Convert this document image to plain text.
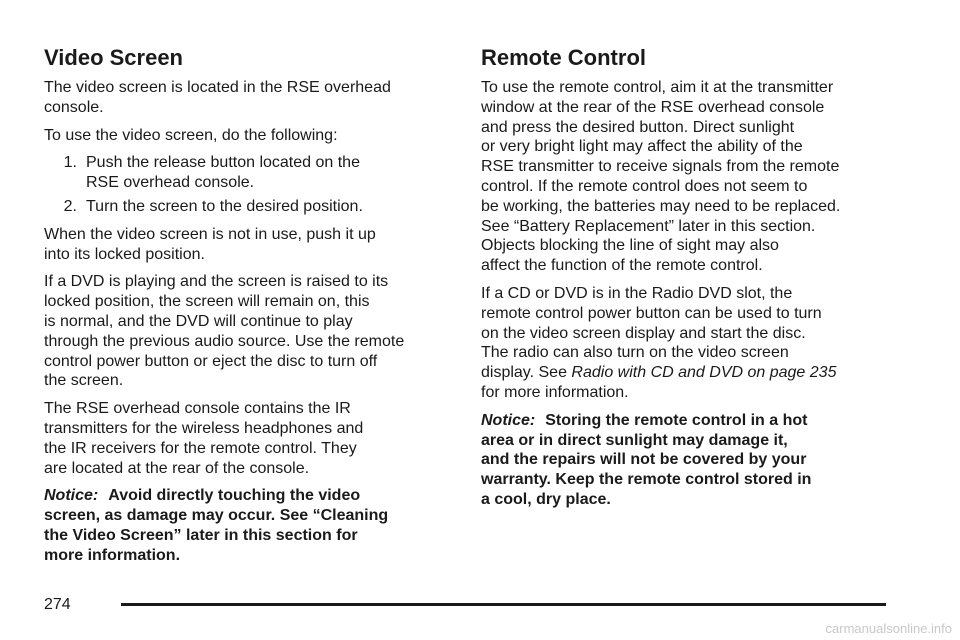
Video Screen

The video screen is located in the RSE overhead
console.

To use the video screen, do the following:

1. Push the release button located on the
RSE overhead console.
2. Turn the screen to the desired position.

When the video screen is not in use, push it up
into its locked position.

If a DVD is playing and the screen is raised to its
locked position, the screen will remain on, this
is normal, and the DVD will continue to play
through the previous audio source. Use the remote
control power button or eject the disc to turn off
the screen.

The RSE overhead console contains the IR
transmitters for the wireless headphones and
the IR receivers for the remote control. They
are located at the rear of the console.

Notice: Avoid directly touching the video
screen, as damage may occur. See “Cleaning
the Video Screen” later in this section for
more information.

Remote Control

To use the remote control, aim it at the transmitter
window at the rear of the RSE overhead console
and press the desired button. Direct sunlight
or very bright light may affect the ability of the
RSE transmitter to receive signals from the remote
control. If the remote control does not seem to
be working, the batteries may need to be replaced.
See “Battery Replacement” later in this section.
Objects blocking the line of sight may also
affect the function of the remote control.

If a CD or DVD is in the Radio DVD slot, the
remote control power button can be used to turn
on the video screen display and start the disc.
The radio can also turn on the video screen
display. See Radio with CD and DVD on page 235
for more information.

Notice: Storing the remote control in a hot
area or in direct sunlight may damage it,
and the repairs will not be covered by your
warranty. Keep the remote control stored in
a cool, dry place.

274
carmanualsonline.info
